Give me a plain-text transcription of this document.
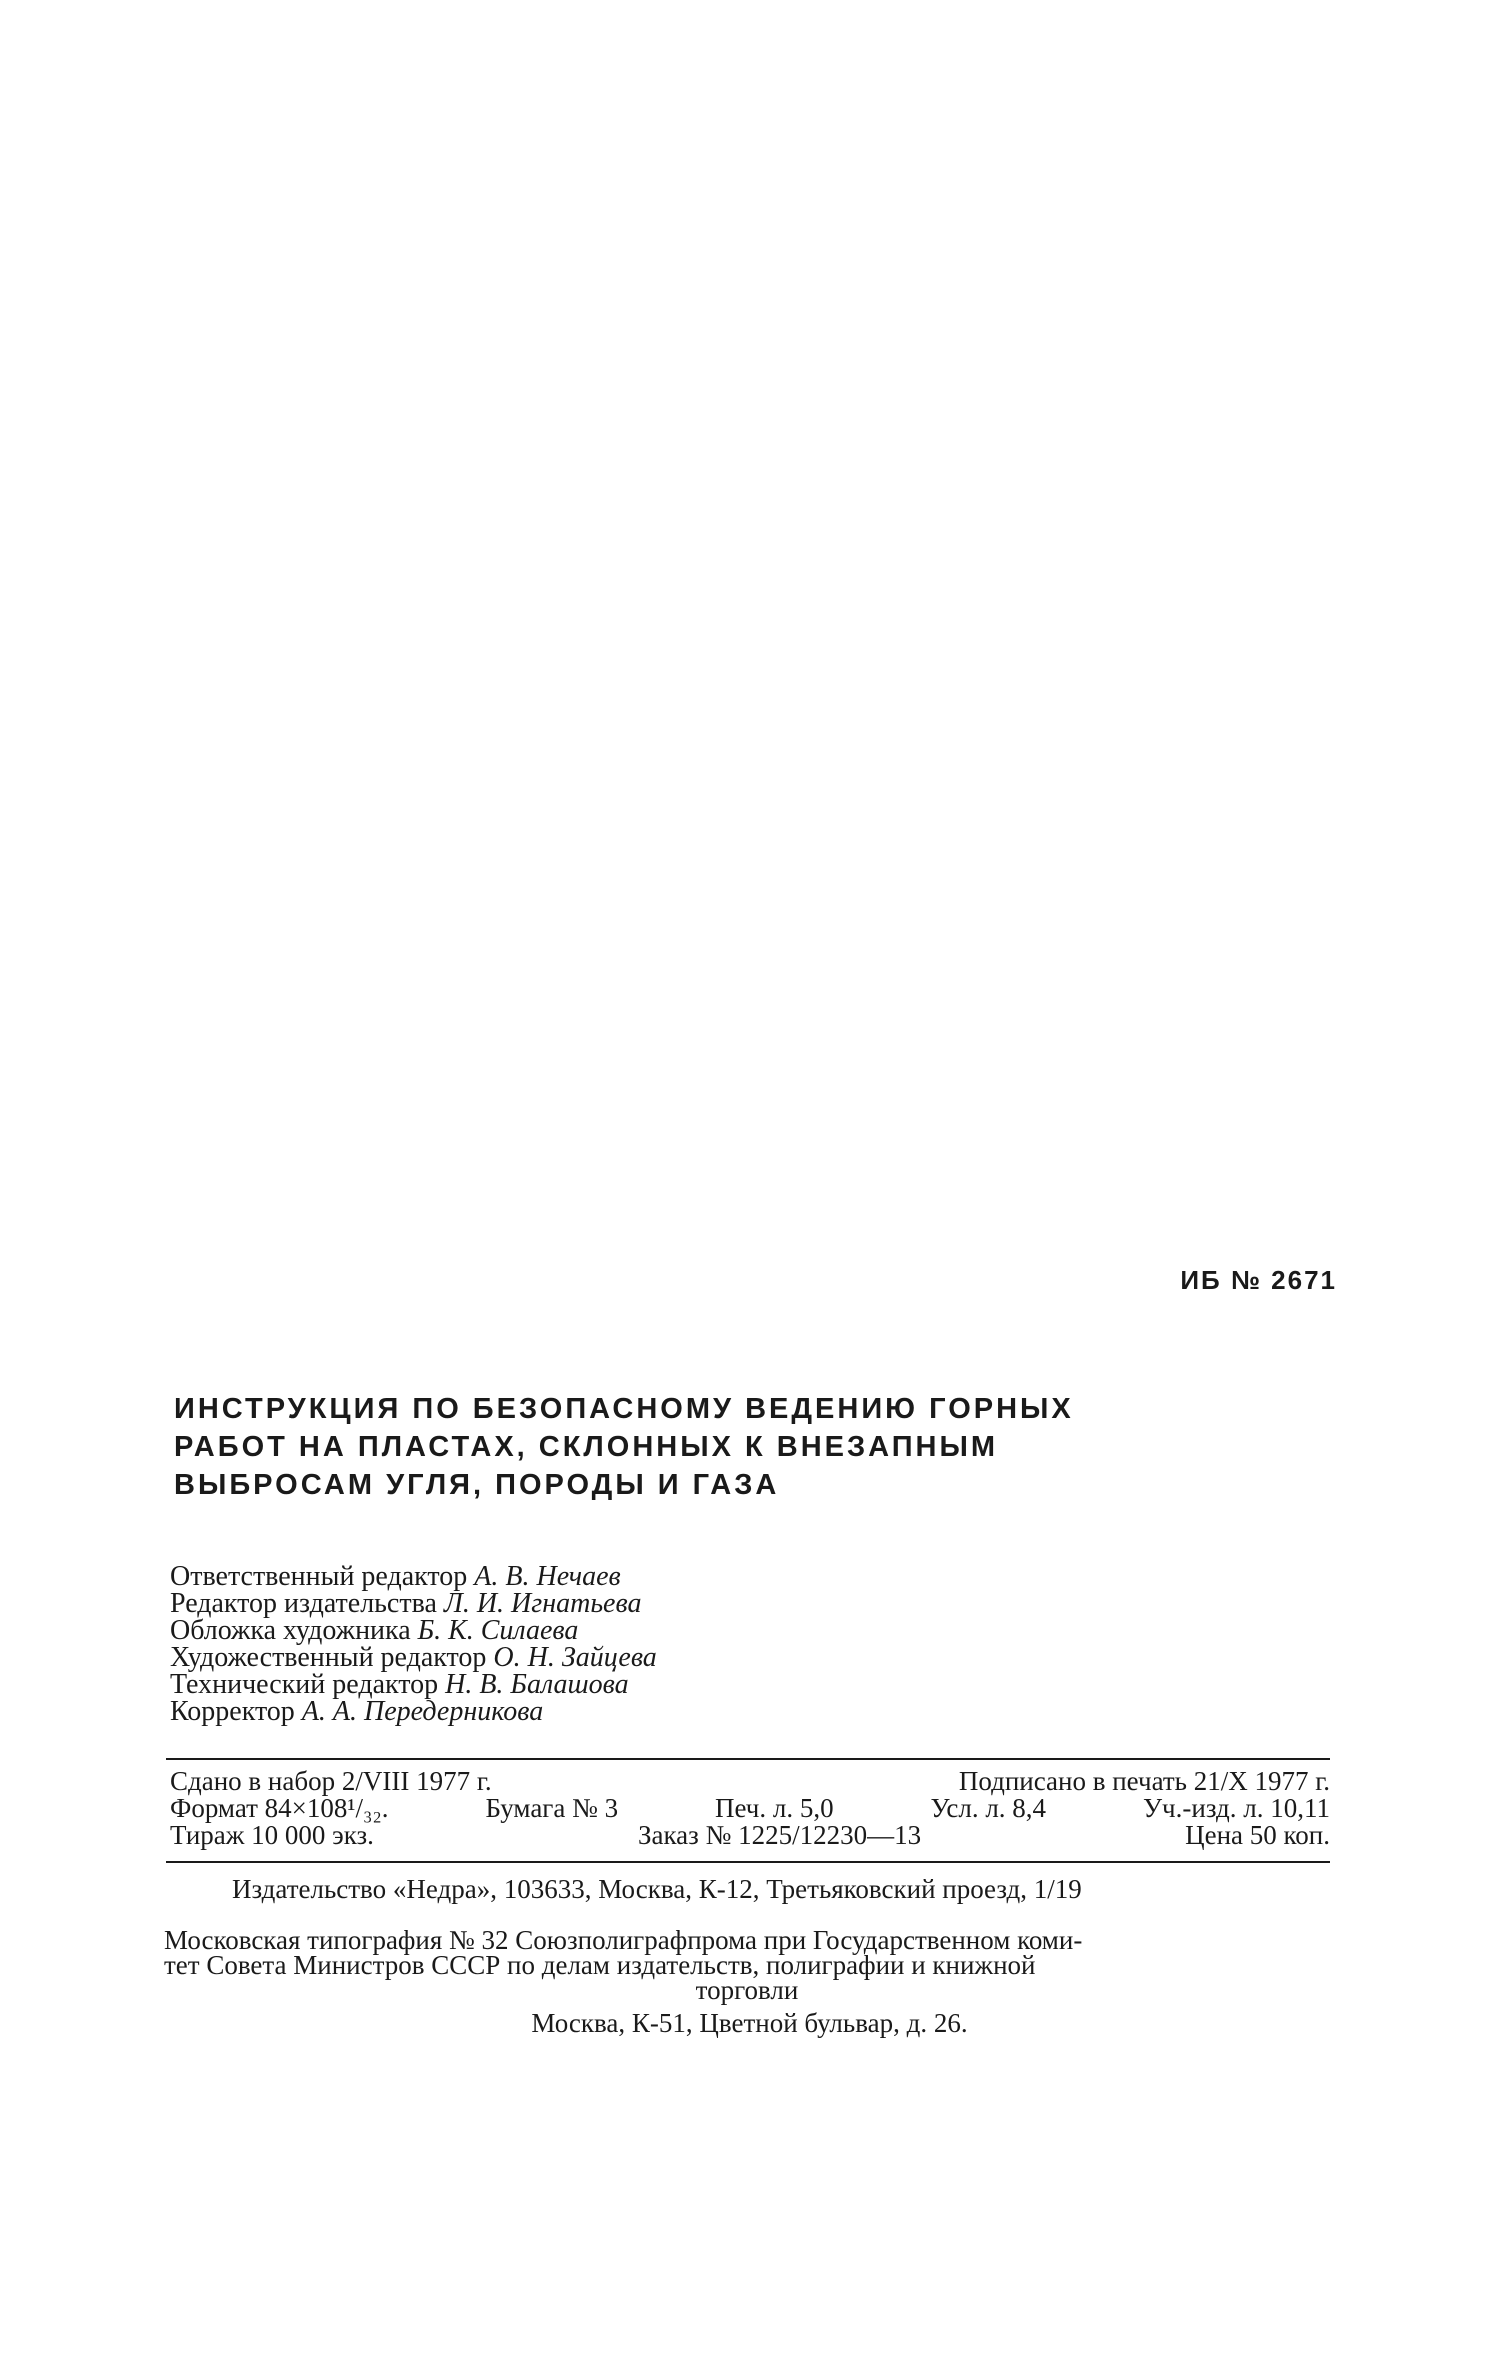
ИБ № 2671
ИНСТРУКЦИЯ ПО БЕЗОПАСНОМУ ВЕДЕНИЮ ГОРНЫХ
РАБОТ НА ПЛАСТАХ, СКЛОННЫХ К ВНЕЗАПНЫМ
ВЫБРОСАМ УГЛЯ, ПОРОДЫ И ГАЗА
Ответственный редактор А. В. Нечаев
Редактор издательства Л. И. Игнатьева
Обложка художника Б. К. Силаева
Художественный редактор О. Н. Зайцева
Технический редактор Н. В. Балашова
Корректор А. А. Передерникова
Сдано в набор 2/VIII 1977 г.	Подписано в печать 21/X 1977 г.
Формат 84×108¹/₃₂.	Бумага № 3	Печ. л. 5,0	Усл. л. 8,4	Уч.-изд. л. 10,11
Тираж 10 000 экз.	Заказ № 1225/12230—13	Цена 50 коп.
Издательство «Недра», 103633, Москва, К-12, Третьяковский проезд, 1/19
Московская типография № 32 Союзполиграфпрома при Государственном коми-
тет Совета Министров СССР по делам издательств, полиграфии и книжной
торговли
Москва, К-51, Цветной бульвар, д. 26.
